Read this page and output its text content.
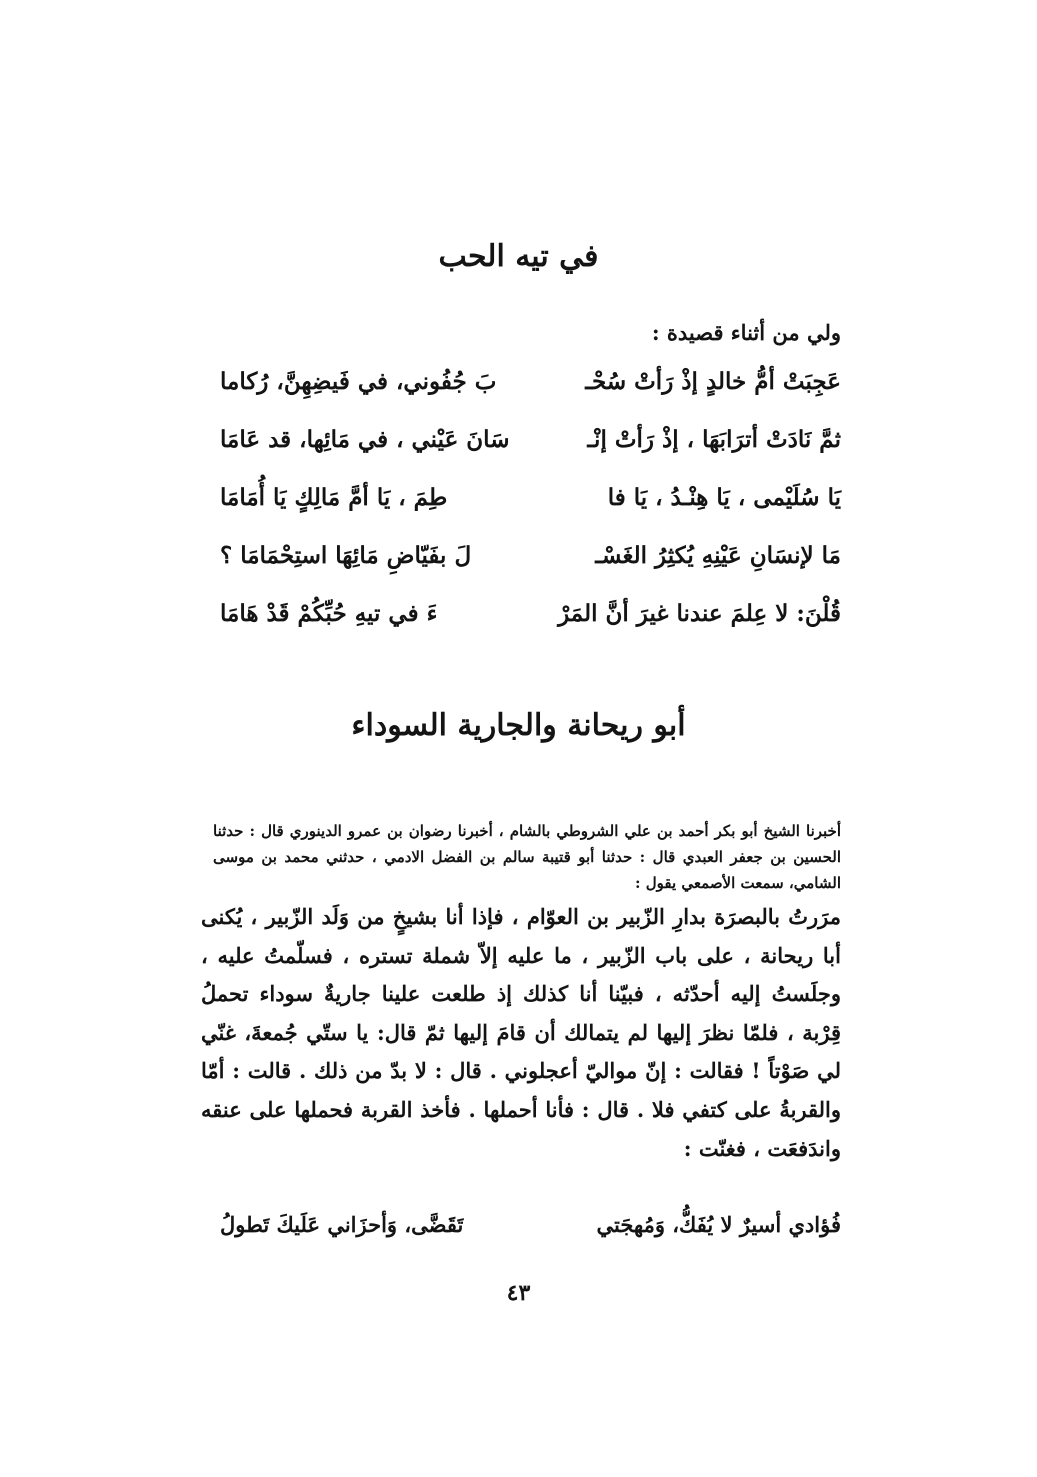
في تيه الحب
ولي من أثناء قصيدة :
عَجِبَتْ أمُّ خالدٍ إذْ رَأتْ سُحْـ
بَ جُفُوني، في فَيضِهِنَّ، رُكاما
ثمَّ نَادَتْ أترَابَهَا ، إذْ رَأتْ إنْـ
سَانَ عَيْني ، في مَائِها، قد عَامَا
يَا سُلَيْمى ، يَا هِنْـدُ ، يَا فا
طِمَ ، يَا أمَّ مَالِكٍ يَا أُمَامَا
مَا لإنسَانِ عَيْنِهِ يُكثِرُ الغَسْـ
لَ بفَيّاضِ مَائِهَا استِحْمَامَا ؟
قُلْنَ: لا عِلمَ عندنا غيرَ أنَّ المَرْ
ءَ في تيهِ حُبِّكُمْ قَدْ هَامَا
أبو ريحانة والجارية السوداء
أخبرنا الشيخ أبو بكر أحمد بن علي الشروطي بالشام ، أخبرنا رضوان بن عمرو الدينوري قال : حدثنا الحسين بن جعفر العبدي قال : حدثنا أبو قتيبة سالم بن الفضل الادمي ، حدثني محمد بن موسى الشامي، سمعت الأصمعي يقول :
مرَرتُ بالبصرَة بدارِ الزّبير بن العوّام ، فإذا أنا بشيخٍ من وَلَد الزّبير ، يُكنى أبا ريحانة ، على باب الزّبير ، ما عليه إلاّ شملة تستره ، فسلّمتُ عليه ، وجلَستُ إليه أحدّثه ، فبيّنا أنا كذلك إذ طلعت علينا جاريةٌ سوداء تحملُ قِرْبة ، فلمّا نظرَ إليها لم يتمالك أن قامَ إليها ثمّ قال: يا ستّي جُمعةَ، غنّي لي صَوْتاً ! فقالت : إنّ مواليّ أعجلوني . قال : لا بدّ من ذلك . قالت : أمّا والقربةُ على كتفي فلا . قال : فأنا أحملها . فأخذ القربة فحملها على عنقه واندَفعَت ، فغنّت :
فُؤادي أسيرٌ لا يُفَكُّ، وَمُهجَتي
تَقَضَّى، وَأحزَاني عَلَيكَ تَطولُ
٤٣
